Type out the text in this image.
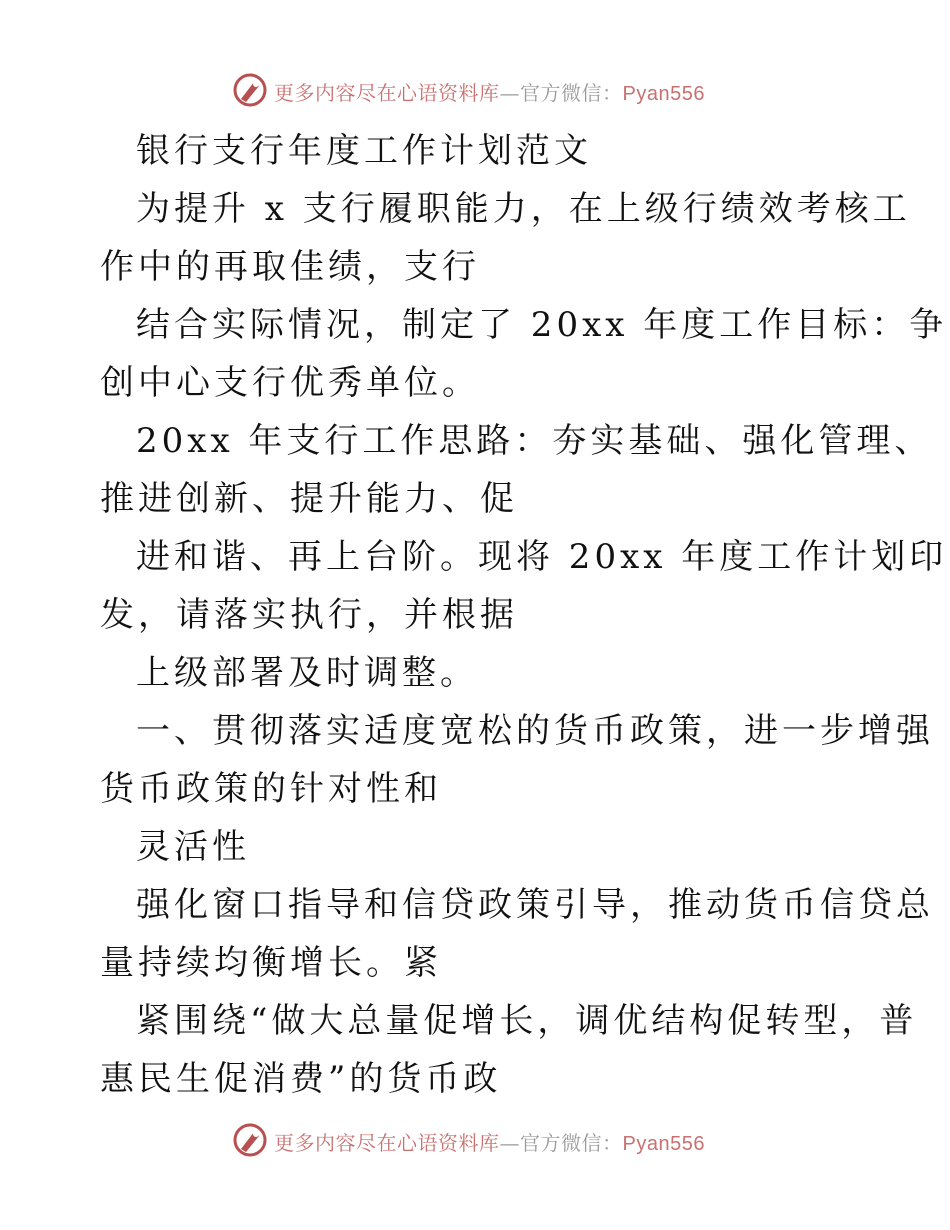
更多内容尽在心语资料库—官方微信：Pyan556
银行支行年度工作计划范文
为提升 x 支行履职能力，在上级行绩效考核工
作中的再取佳绩，支行
结合实际情况，制定了 20xx 年度工作目标：争
创中心支行优秀单位。
20xx 年支行工作思路：夯实基础、强化管理、
推进创新、提升能力、促
进和谐、再上台阶。现将 20xx 年度工作计划印
发，请落实执行，并根据
上级部署及时调整。
一、贯彻落实适度宽松的货币政策，进一步增强
货币政策的针对性和
灵活性
强化窗口指导和信贷政策引导，推动货币信贷总
量持续均衡增长。紧
紧围绕“做大总量促增长，调优结构促转型，普
惠民生促消费”的货币政
更多内容尽在心语资料库—官方微信：Pyan556
